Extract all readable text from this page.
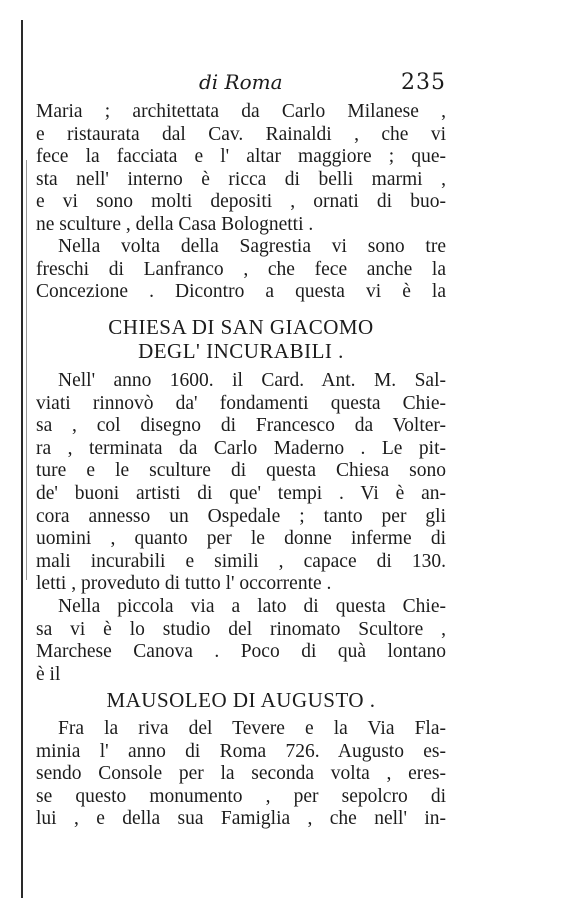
di Roma	235
Maria ; architettata da Carlo Milanese ,
e ristaurata dal Cav. Rainaldi , che vi
fece la facciata e l' altar maggiore ; que-
sta nell' interno è ricca di belli marmi ,
e vi sono molti depositi , ornati di buo-
ne sculture , della Casa Bolognetti .
Nella volta della Sagrestia vi sono tre
freschi di Lanfranco , che fece anche la
Concezione . Dicontro a questa vi è la
CHIESA DI SAN GIACOMO
DEGL' INCURABILI .
Nell' anno 1600. il Card. Ant. M. Sal-
viati rinnovò da' fondamenti questa Chie-
sa , col disegno di Francesco da Volter-
ra , terminata da Carlo Maderno . Le pit-
ture e le sculture di questa Chiesa sono
de' buoni artisti di que' tempi . Vi è an-
cora annesso un Ospedale ; tanto per gli
uomini , quanto per le donne inferme di
mali incurabili e simili , capace di 130.
letti , proveduto di tutto l' occorrente .
Nella piccola via a lato di questa Chie-
sa vi è lo studio del rinomato Scultore ,
Marchese Canova . Poco di quà lontano
è il
MAUSOLEO DI AUGUSTO .
Fra la riva del Tevere e la Via Fla-
minia l' anno di Roma 726. Augusto es-
sendo Console per la seconda volta , eres-
se questo monumento , per sepolcro di
lui , e della sua Famiglia , che nell' in-
